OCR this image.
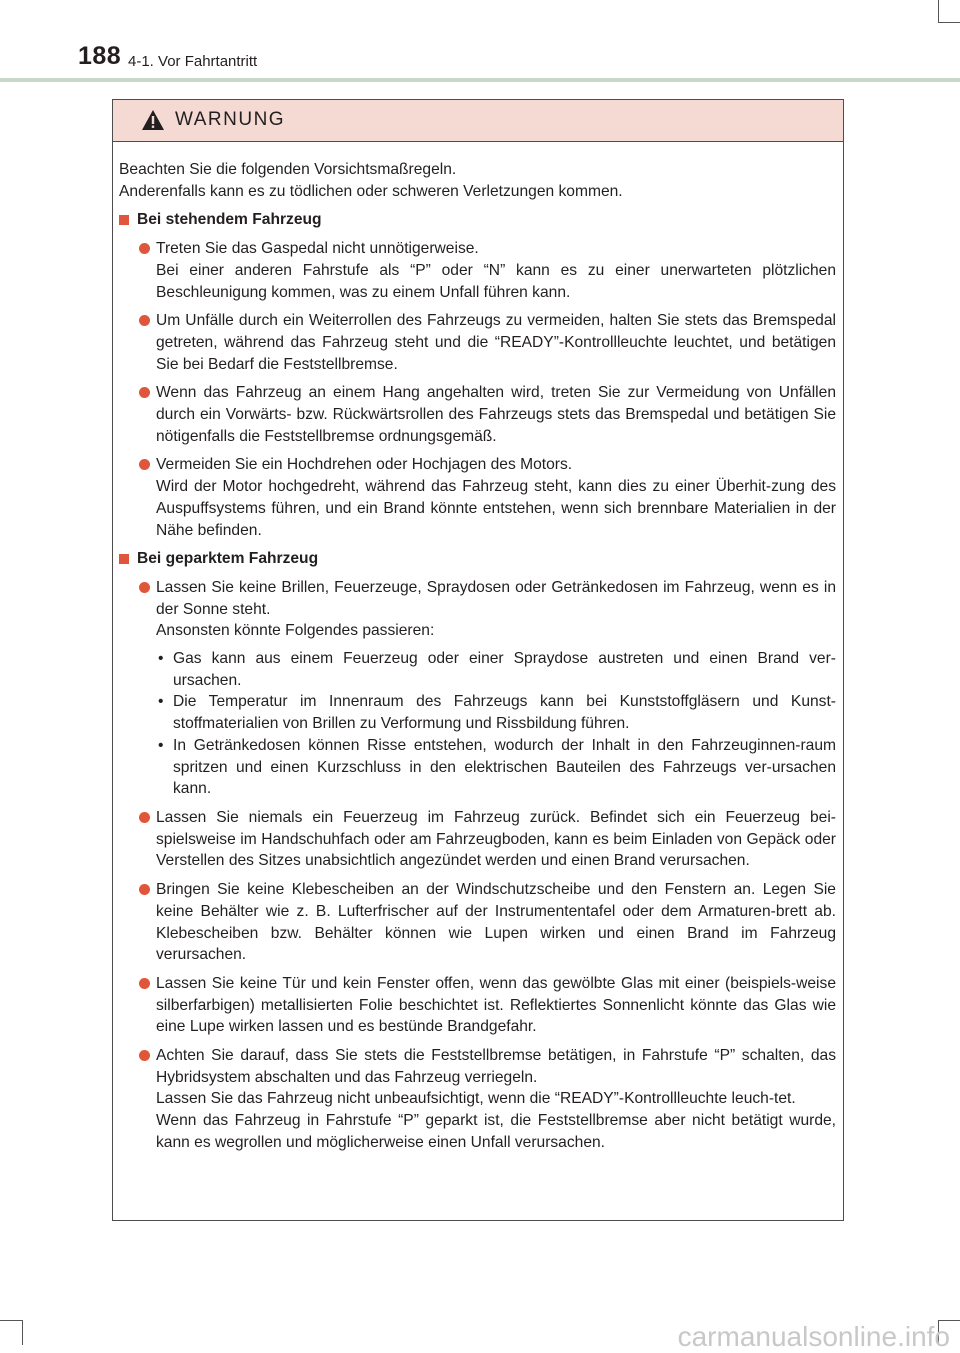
188 4-1. Vor Fahrtantritt
WARNUNG
Beachten Sie die folgenden Vorsichtsmaßregeln.
Anderenfalls kann es zu tödlichen oder schweren Verletzungen kommen.
Bei stehendem Fahrzeug
Treten Sie das Gaspedal nicht unnötigerweise.
Bei einer anderen Fahrstufe als “P” oder “N” kann es zu einer unerwarteten plötzlichen Beschleunigung kommen, was zu einem Unfall führen kann.
Um Unfälle durch ein Weiterrollen des Fahrzeugs zu vermeiden, halten Sie stets das Bremspedal getreten, während das Fahrzeug steht und die “READY”-Kontrollleuchte leuchtet, und betätigen Sie bei Bedarf die Feststellbremse.
Wenn das Fahrzeug an einem Hang angehalten wird, treten Sie zur Vermeidung von Unfällen durch ein Vorwärts- bzw. Rückwärtsrollen des Fahrzeugs stets das Bremspedal und betätigen Sie nötigenfalls die Feststellbremse ordnungsgemäß.
Vermeiden Sie ein Hochdrehen oder Hochjagen des Motors.
Wird der Motor hochgedreht, während das Fahrzeug steht, kann dies zu einer Überhit-zung des Auspuffsystems führen, und ein Brand könnte entstehen, wenn sich brennbare Materialien in der Nähe befinden.
Bei geparktem Fahrzeug
Lassen Sie keine Brillen, Feuerzeuge, Spraydosen oder Getränkedosen im Fahrzeug, wenn es in der Sonne steht.
Ansonsten könnte Folgendes passieren:
• Gas kann aus einem Feuerzeug oder einer Spraydose austreten und einen Brand ver-ursachen.
• Die Temperatur im Innenraum des Fahrzeugs kann bei Kunststoffgläsern und Kunst-stoffmaterialien von Brillen zu Verformung und Rissbildung führen.
• In Getränkedosen können Risse entstehen, wodurch der Inhalt in den Fahrzeuginnen-raum spritzen und einen Kurzschluss in den elektrischen Bauteilen des Fahrzeugs ver-ursachen kann.
Lassen Sie niemals ein Feuerzeug im Fahrzeug zurück. Befindet sich ein Feuerzeug bei-spielsweise im Handschuhfach oder am Fahrzeugboden, kann es beim Einladen von Gepäck oder Verstellen des Sitzes unabsichtlich angezündet werden und einen Brand verursachen.
Bringen Sie keine Klebescheiben an der Windschutzscheibe und den Fenstern an. Legen Sie keine Behälter wie z. B. Lufterfrischer auf der Instrumententafel oder dem Armaturen-brett ab. Klebescheiben bzw. Behälter können wie Lupen wirken und einen Brand im Fahrzeug verursachen.
Lassen Sie keine Tür und kein Fenster offen, wenn das gewölbte Glas mit einer (beispiels-weise silberfarbigen) metallisierten Folie beschichtet ist. Reflektiertes Sonnenlicht könnte das Glas wie eine Lupe wirken lassen und es bestünde Brandgefahr.
Achten Sie darauf, dass Sie stets die Feststellbremse betätigen, in Fahrstufe “P” schalten, das Hybridsystem abschalten und das Fahrzeug verriegeln.
Lassen Sie das Fahrzeug nicht unbeaufsichtigt, wenn die “READY”-Kontrollleuchte leuch-tet.
Wenn das Fahrzeug in Fahrstufe “P” geparkt ist, die Feststellbremse aber nicht betätigt wurde, kann es wegrollen und möglicherweise einen Unfall verursachen.
carmanualsonline.info
